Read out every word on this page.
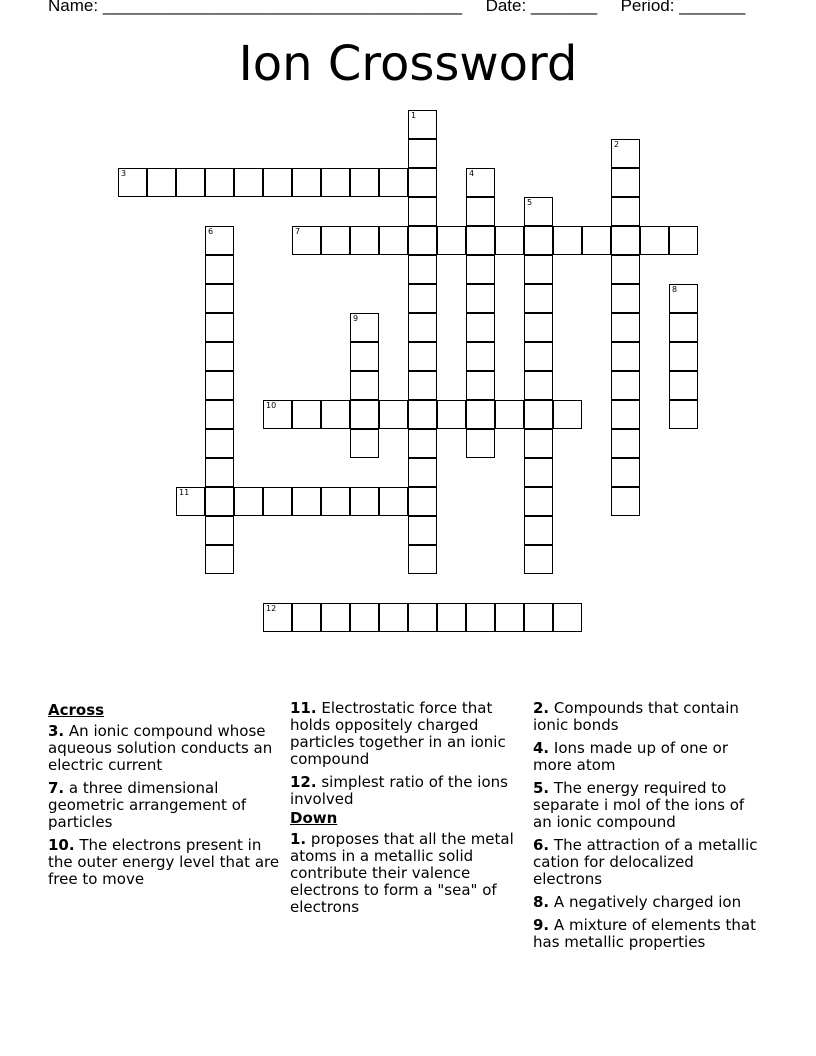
Name: ______________________________________ Date: _______ Period: _______
Ion Crossword
1
2
3	4
5
6	7
8
9
10
11
12
Across
3. An ionic compound whose aqueous solution conducts an electric current
7. a three dimensional geometric arrangement of particles
10. The electrons present in the outer energy level that are free to move
11. Electrostatic force that holds oppositely charged particles together in an ionic compound
12. simplest ratio of the ions involved
Down
1. proposes that all the metal atoms in a metallic solid contribute their valence electrons to form a "sea" of electrons
2. Compounds that contain ionic bonds
4. Ions made up of one or more atom
5. The energy required to separate i mol of the ions of an ionic compound
6. The attraction of a metallic cation for delocalized electrons
8. A negatively charged ion
9. A mixture of elements that has metallic properties
